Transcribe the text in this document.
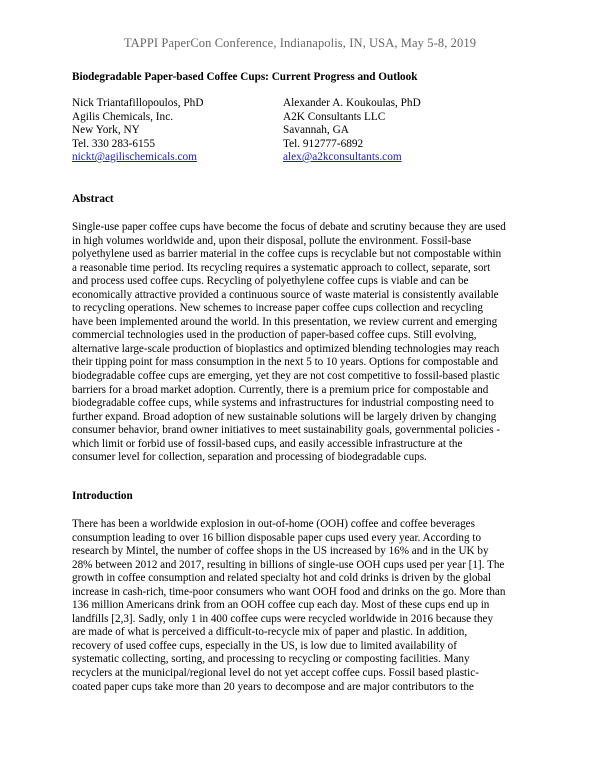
TAPPI PaperCon Conference, Indianapolis, IN, USA, May 5-8, 2019
Biodegradable Paper-based Coffee Cups: Current Progress and Outlook
Nick Triantafillopoulos, PhD
Agilis Chemicals, Inc.
New York, NY
Tel. 330 283-6155
nickt@agilischemicals.com
Alexander A. Koukoulas, PhD
A2K Consultants LLC
Savannah, GA
Tel. 912777-6892
alex@a2kconsultants.com
Abstract

Single-use paper coffee cups have become the focus of debate and scrutiny because they are used

in high volumes worldwide and, upon their disposal, pollute the environment. Fossil-base

polyethylene used as barrier material in the coffee cups is recyclable but not compostable within

a reasonable time period. Its recycling requires a systematic approach to collect, separate, sort

and process used coffee cups. Recycling of polyethylene coffee cups is viable and can be

economically attractive provided a continuous source of waste material is consistently available

to recycling operations. New schemes to increase paper coffee cups collection and recycling

have been implemented around the world. In this presentation, we review current and emerging

commercial technologies used in the production of paper-based coffee cups. Still evolving,

alternative large-scale production of bioplastics and optimized blending technologies may reach

their tipping point for mass consumption in the next 5 to 10 years. Options for compostable and

biodegradable coffee cups are emerging, yet they are not cost competitive to fossil-based plastic

barriers for a broad market adoption. Currently, there is a premium price for compostable and

biodegradable coffee cups, while systems and infrastructures for industrial composting need to

further expand. Broad adoption of new sustainable solutions will be largely driven by changing

consumer behavior, brand owner initiatives to meet sustainability goals, governmental policies -

which limit or forbid use of fossil-based cups, and easily accessible infrastructure at the

consumer level for collection, separation and processing of biodegradable cups.

Introduction

There has been a worldwide explosion in out-of-home (OOH) coffee and coffee beverages

consumption leading to over 16 billion disposable paper cups used every year. According to

research by Mintel, the number of coffee shops in the US increased by 16% and in the UK by

28% between 2012 and 2017, resulting in billions of single-use OOH cups used per year [1]. The

growth in coffee consumption and related specialty hot and cold drinks is driven by the global

increase in cash-rich, time-poor consumers who want OOH food and drinks on the go. More than

136 million Americans drink from an OOH coffee cup each day. Most of these cups end up in

landfills [2,3]. Sadly, only 1 in 400 coffee cups were recycled worldwide in 2016 because they

are made of what is perceived a difficult-to-recycle mix of paper and plastic. In addition,

recovery of used coffee cups, especially in the US, is low due to limited availability of

systematic collecting, sorting, and processing to recycling or composting facilities. Many

recyclers at the municipal/regional level do not yet accept coffee cups. Fossil based plastic-

coated paper cups take more than 20 years to decompose and are major contributors to the
